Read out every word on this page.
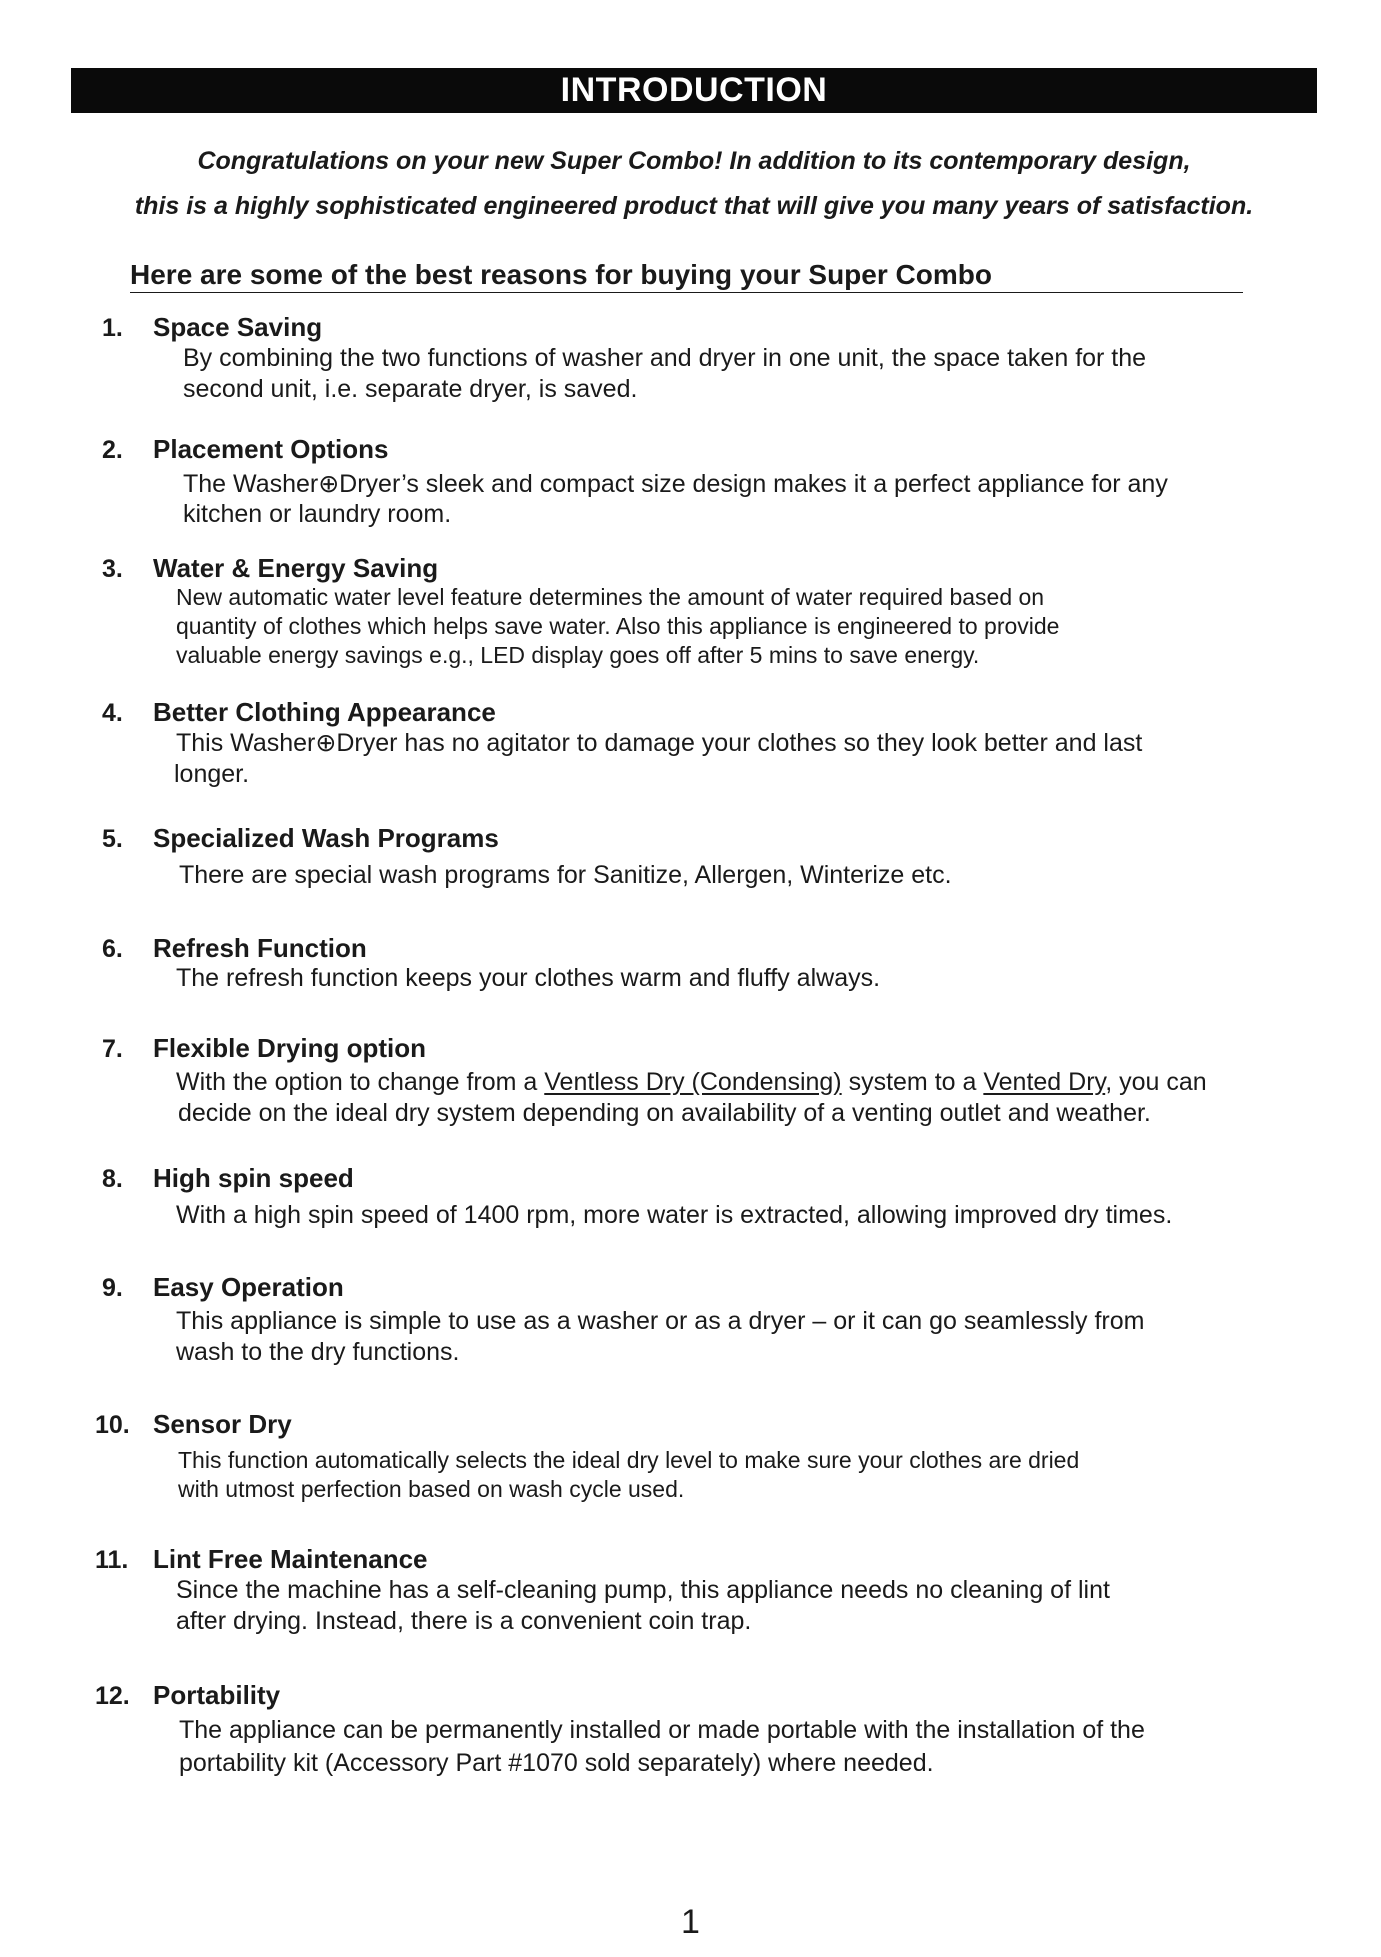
INTRODUCTION
Congratulations on your new Super Combo! In addition to its contemporary design,
this is a highly sophisticated engineered product that will give you many years of satisfaction.
Here are some of the best reasons for buying your Super Combo
1. Space Saving
By combining the two functions of washer and dryer in one unit, the space taken for the
second unit, i.e. separate dryer, is saved.
2. Placement Options
The Washer⊕Dryer’s sleek and compact size design makes it a perfect appliance for any
kitchen or laundry room.
3. Water & Energy Saving
New automatic water level feature determines the amount of water required based on
quantity of clothes which helps save water. Also this appliance is engineered to provide
valuable energy savings e.g., LED display goes off after 5 mins to save energy.
4. Better Clothing Appearance
This Washer⊕Dryer has no agitator to damage your clothes so they look better and last
longer.
5. Specialized Wash Programs
There are special wash programs for Sanitize, Allergen, Winterize etc.
6. Refresh Function
The refresh function keeps your clothes warm and fluffy always.
7. Flexible Drying option
With the option to change from a Ventless Dry (Condensing) system to a Vented Dry, you can
decide on the ideal dry system depending on availability of a venting outlet and weather.
8. High spin speed
With a high spin speed of 1400 rpm, more water is extracted, allowing improved dry times.
9. Easy Operation
This appliance is simple to use as a washer or as a dryer – or it can go seamlessly from
wash to the dry functions.
10. Sensor Dry
This function automatically selects the ideal dry level to make sure your clothes are dried
with utmost perfection based on wash cycle used.
11. Lint Free Maintenance
Since the machine has a self-cleaning pump, this appliance needs no cleaning of lint
after drying. Instead, there is a convenient coin trap.
12. Portability
The appliance can be permanently installed or made portable with the installation of the
portability kit (Accessory Part #1070 sold separately) where needed.
1
